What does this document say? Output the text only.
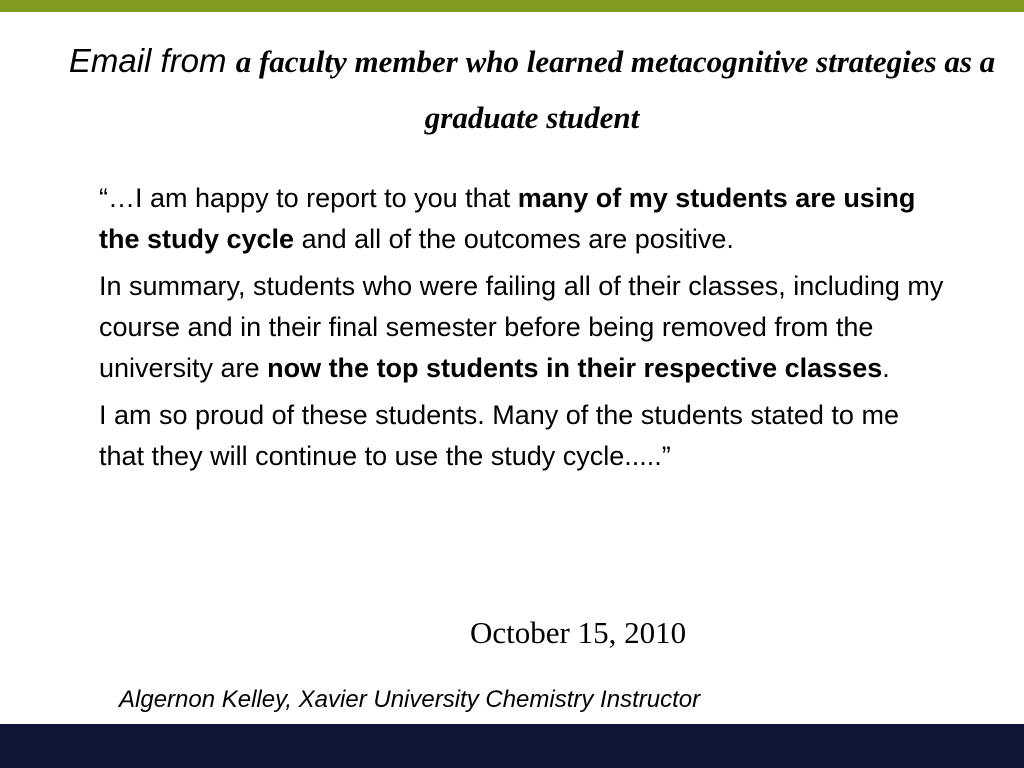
Email from a faculty member who learned metacognitive strategies as a graduate student

“…I am happy to report to you that many of my students are using the study cycle and all of the outcomes are positive.

In summary, students who were failing all of their classes, including my course and in their final semester before being removed from the university are now the top students in their respective classes.

I am so proud of these students. Many of the students stated to me that they will continue to use the study cycle.....”

October 15, 2010
Algernon Kelley, Xavier University Chemistry Instructor
